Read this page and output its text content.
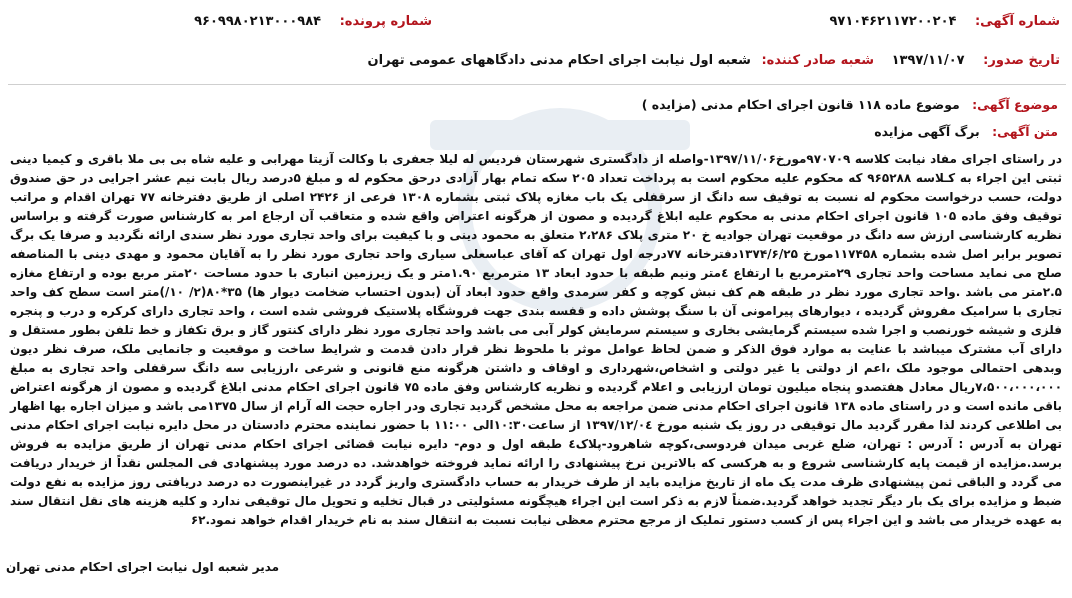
شماره آگهی: ۹۷۱۰۴۶۲۱۱۷۲۰۰۲۰۴
شماره پرونده: ۹۶۰۹۹۸۰۲۱۳۰۰۰۹۸۴
تاریخ صدور: ۱۳۹۷/۱۱/۰۷
شعبه صادر کننده: شعبه اول نیابت اجرای احکام مدنی دادگاههای عمومی تهران
موضوع آگهی: موضوع ماده ۱۱۸ قانون اجرای احکام مدنی (مزایده )
متن آگهی: برگ آگهی مزایده
در راستای اجرای مفاد نیابت کلاسه ۹۷۰۷۰۹مورخ۱۳۹۷/۱۱/۰۶-واصله از دادگستری شهرستان فردیس له لیلا جعفری با وکالت آزیتا مهرابی و علیه شاه بی بی ملا باقری و کیمیا دینی ثبتی این اجراء به کـلاسه ۹۶۵۲۸۸ که محکوم علیه محکوم است به پرداخت تعداد ۲۰۵ سکه تمام بهار آزادی درحق محکوم له و مبلغ ۵درصد ریال بابت نیم عشر اجرایی در حق صندوق دولت، حسب درخواست محکوم له نسبت به توقیف سه دانگ از سرقفلی یک باب مغازه پلاک ثبتی بشماره ۱۳۰۸ فرعی از ۲۴۲۶ اصلی از طریق دفترخانه ۷۷ تهران اقدام و مراتب توقیف وفق ماده ۱۰۵ قانون اجرای احکام مدنی به محکوم علیه ابلاغ گردیده و مصون از هرگونه اعتراض واقع شده و متعاقب آن ارجاع امر به کارشناس صورت گرفته و براساس نظریه کارشناسی ارزش سه دانگ در موقعیت تهران جوادیه خ ۲۰ متری پلاک ۲،۲۸۶ متعلق به محمود دینی و با کیفیت برای واحد تجاری مورد نظر سندی ارائه نگردید و صرفا یک برگ تصویر برابر اصل شده بشماره ۱۱۷۴۵۸مورخ ۱۳۷۴/۶/۲۵دفترخانه ۷۷درجه اول تهران که آقای عباسعلی سیاری واحد تجاری مورد نظر را به آقایان محمود و مهدی دینی با المناصفه صلح می نماید مساحت واحد تجاری ۲۹مترمربع با ارتفاع ٤متر ونیم طبقه با حدود ابعاد ۱۳ مترمربع ۱.۹۰متر و یک زیرزمین انباری با حدود مساحت ۲۰متر مربع بوده و ارتفاع مغازه ۲.۵متر می باشد .واحد تجاری مورد نظر در طبقه هم کف نبش کوچه و کفر سرمدی واقع حدود ابعاد آن (بدون احتساب ضخامت دیوار ها) ۳۵*۸۰(۲/ ۱۰/)متر است سطح کف واحد تجاری با سرامیک مفروش گردیده ، دیوارهای پیرامونی آن با سنگ پوشش داده و قفسه بندی جهت فروشگاه پلاستیک فروشی شده است ، واحد تجاری دارای کرکره و درب و پنجره فلزی و شیشه خورنصب و اجرا شده سیستم گرمایشی بخاری و سیستم سرمایش کولر آبی می باشد واحد تجاری مورد نظر دارای کنتور گاز و برق تکفاز و خط تلفن بطور مستقل و دارای آب مشترک میباشد با عنایت به موارد فوق الذکر و ضمن لحاظ عوامل موثر با ملحوظ نظر قرار دادن قدمت و شرایط ساخت و موقعیت و جانمایی ملک، صرف نظر دیون وبدهی احتمالی موجود ملک ،اعم از دولتی یا غیر دولتی و اشخاص،شهرداری و اوقاف و داشتن هرگونه منع قانونی و شرعی ،ارزیابی سه دانگ سرقفلی واحد تجاری به مبلغ ۷،۵۰۰،۰۰۰،۰۰۰ریال معادل هفتصدو پنجاه میلیون تومان ارزیابی و اعلام گردیده و نظریه کارشناس وفق ماده ۷۵ قانون اجرای احکام مدنی ابلاغ گردیده و مصون از هرگونه اعتراض باقی مانده است و در راستای ماده ۱۳۸ قانون اجرای احکام مدنی ضمن مراجعه به محل مشخص گردید تجاری ودر اجاره حجت اله آرام از سال ۱۳۷۵می باشد و میزان اجاره بها اظهار بی اطلاعی کردند لذا مقرر گردید مال توقیفی در روز یک شنبه مورخ ۱۳۹۷/۱۲/۰٤ از ساعت۱۰:۳۰الی ۱۱:۰۰ با حضور نماینده محترم دادستان در محل دایره نیابت اجرای احکام مدنی تهران به آدرس : آدرس : تهران، ضلع غربی میدان فردوسی،کوچه شاهرود-پلاک٤ طبقه اول و دوم- دایره نیابت قضائی اجرای احکام مدنی تهران از طریق مزایده به فروش برسد.مزایده از قیمت پایه کارشناسی شروع و به هرکسی که بالاترین نرخ پیشنهادی را ارائه نماید فروخته خواهدشد. ده درصد مورد پیشنهادی فی المجلس نقداً از خریدار دریافت می گردد و الباقی ثمن پیشنهادی ظرف مدت یک ماه از تاریخ مزایده باید از طرف خریدار به حساب دادگستری واریز گردد در غیراینصورت ده درصد دریافتی روز مزایده به نفع دولت ضبط و مزایده برای یک بار دیگر تجدید خواهد گردید.ضمناً لازم به ذکر است این اجراء هیچگونه مسئولیتی در قبال تخلیه و تحویل مال توقیفی ندارد و کلیه هزینه های نقل انتقال سند به عهده خریدار می باشد و این اجراء پس از کسب دستور تملیک از مرجع محترم معظی نیابت نسبت به انتقال سند به نام خریدار اقدام خواهد نمود.۶۲
مدیر شعبه اول نیابت اجرای احکام مدنی تهران
